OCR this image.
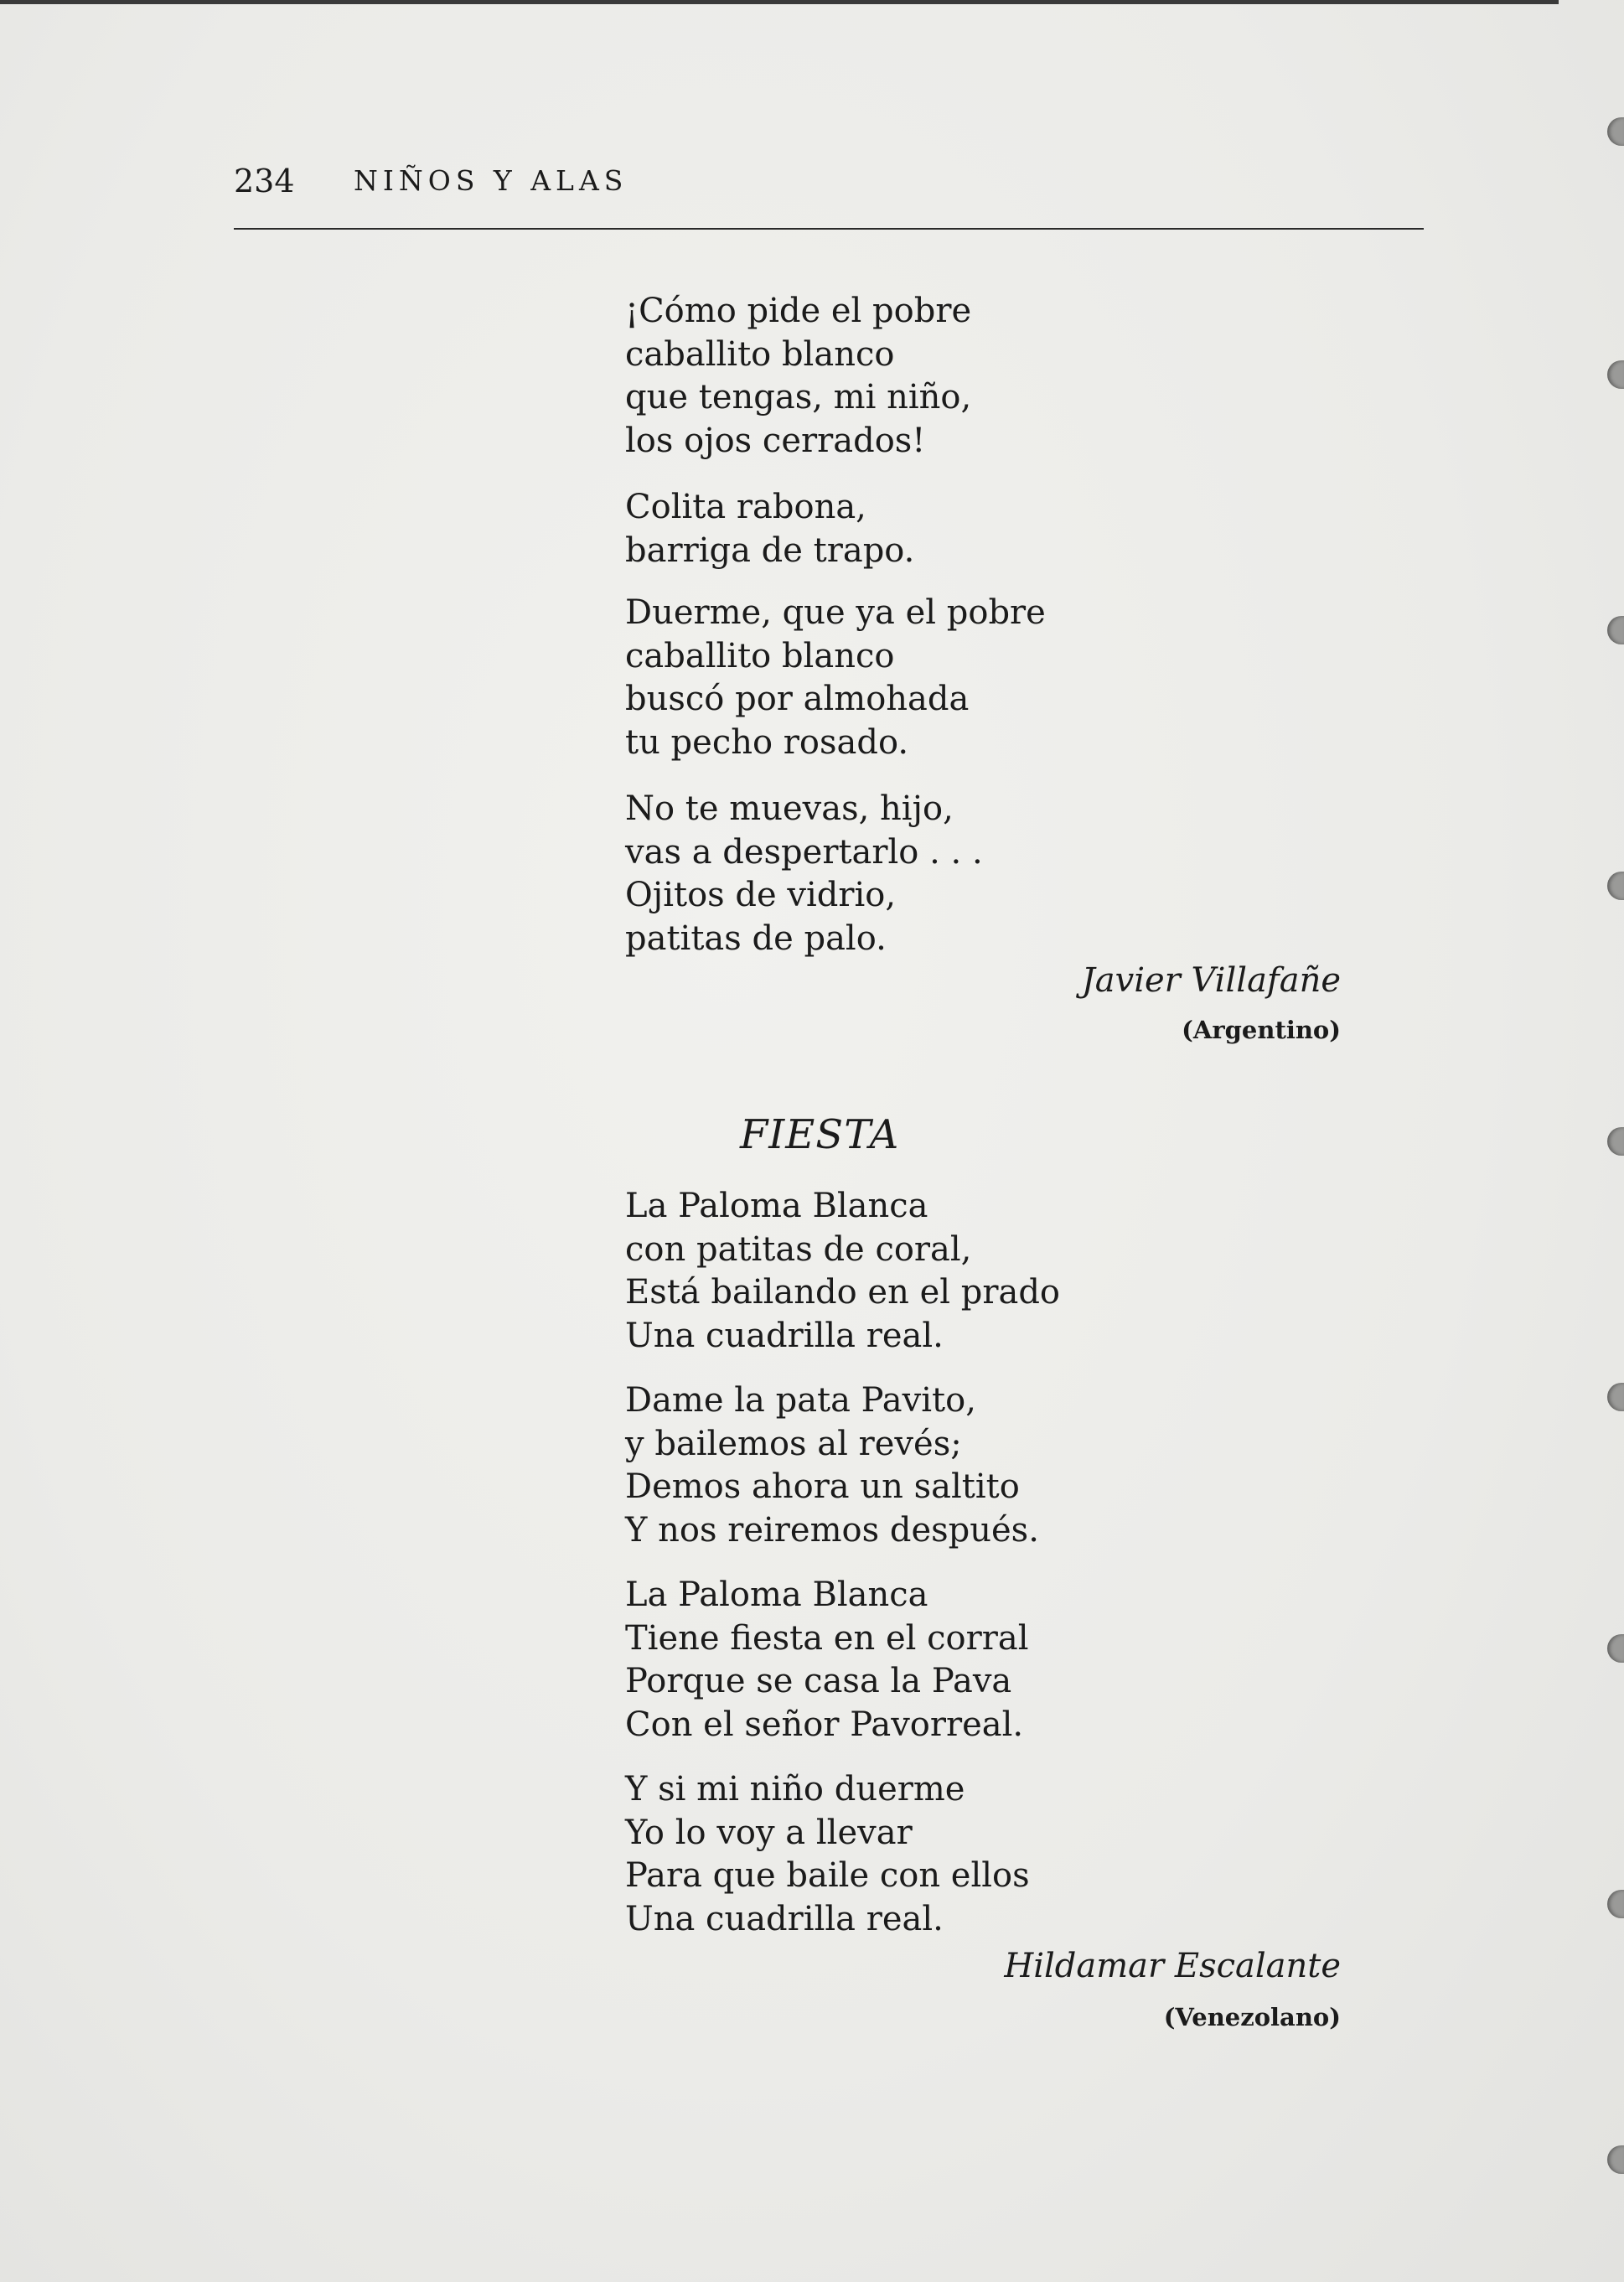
234 NIÑOS Y ALAS
¡Cómo pide el pobre
caballito blanco
que tengas, mi niño,
los ojos cerrados!
Colita rabona,
barriga de trapo.
Duerme, que ya el pobre
caballito blanco
buscó por almohada
tu pecho rosado.
No te muevas, hijo,
vas a despertarlo . . .
Ojitos de vidrio,
patitas de palo.
Javier Villafañe
(Argentino)
FIESTA
La Paloma Blanca
con patitas de coral,
Está bailando en el prado
Una cuadrilla real.
Dame la pata Pavito,
y bailemos al revés;
Demos ahora un saltito
Y nos reiremos después.
La Paloma Blanca
Tiene fiesta en el corral
Porque se casa la Pava
Con el señor Pavorreal.
Y si mi niño duerme
Yo lo voy a llevar
Para que baile con ellos
Una cuadrilla real.
Hildamar Escalante
(Venezolano)
